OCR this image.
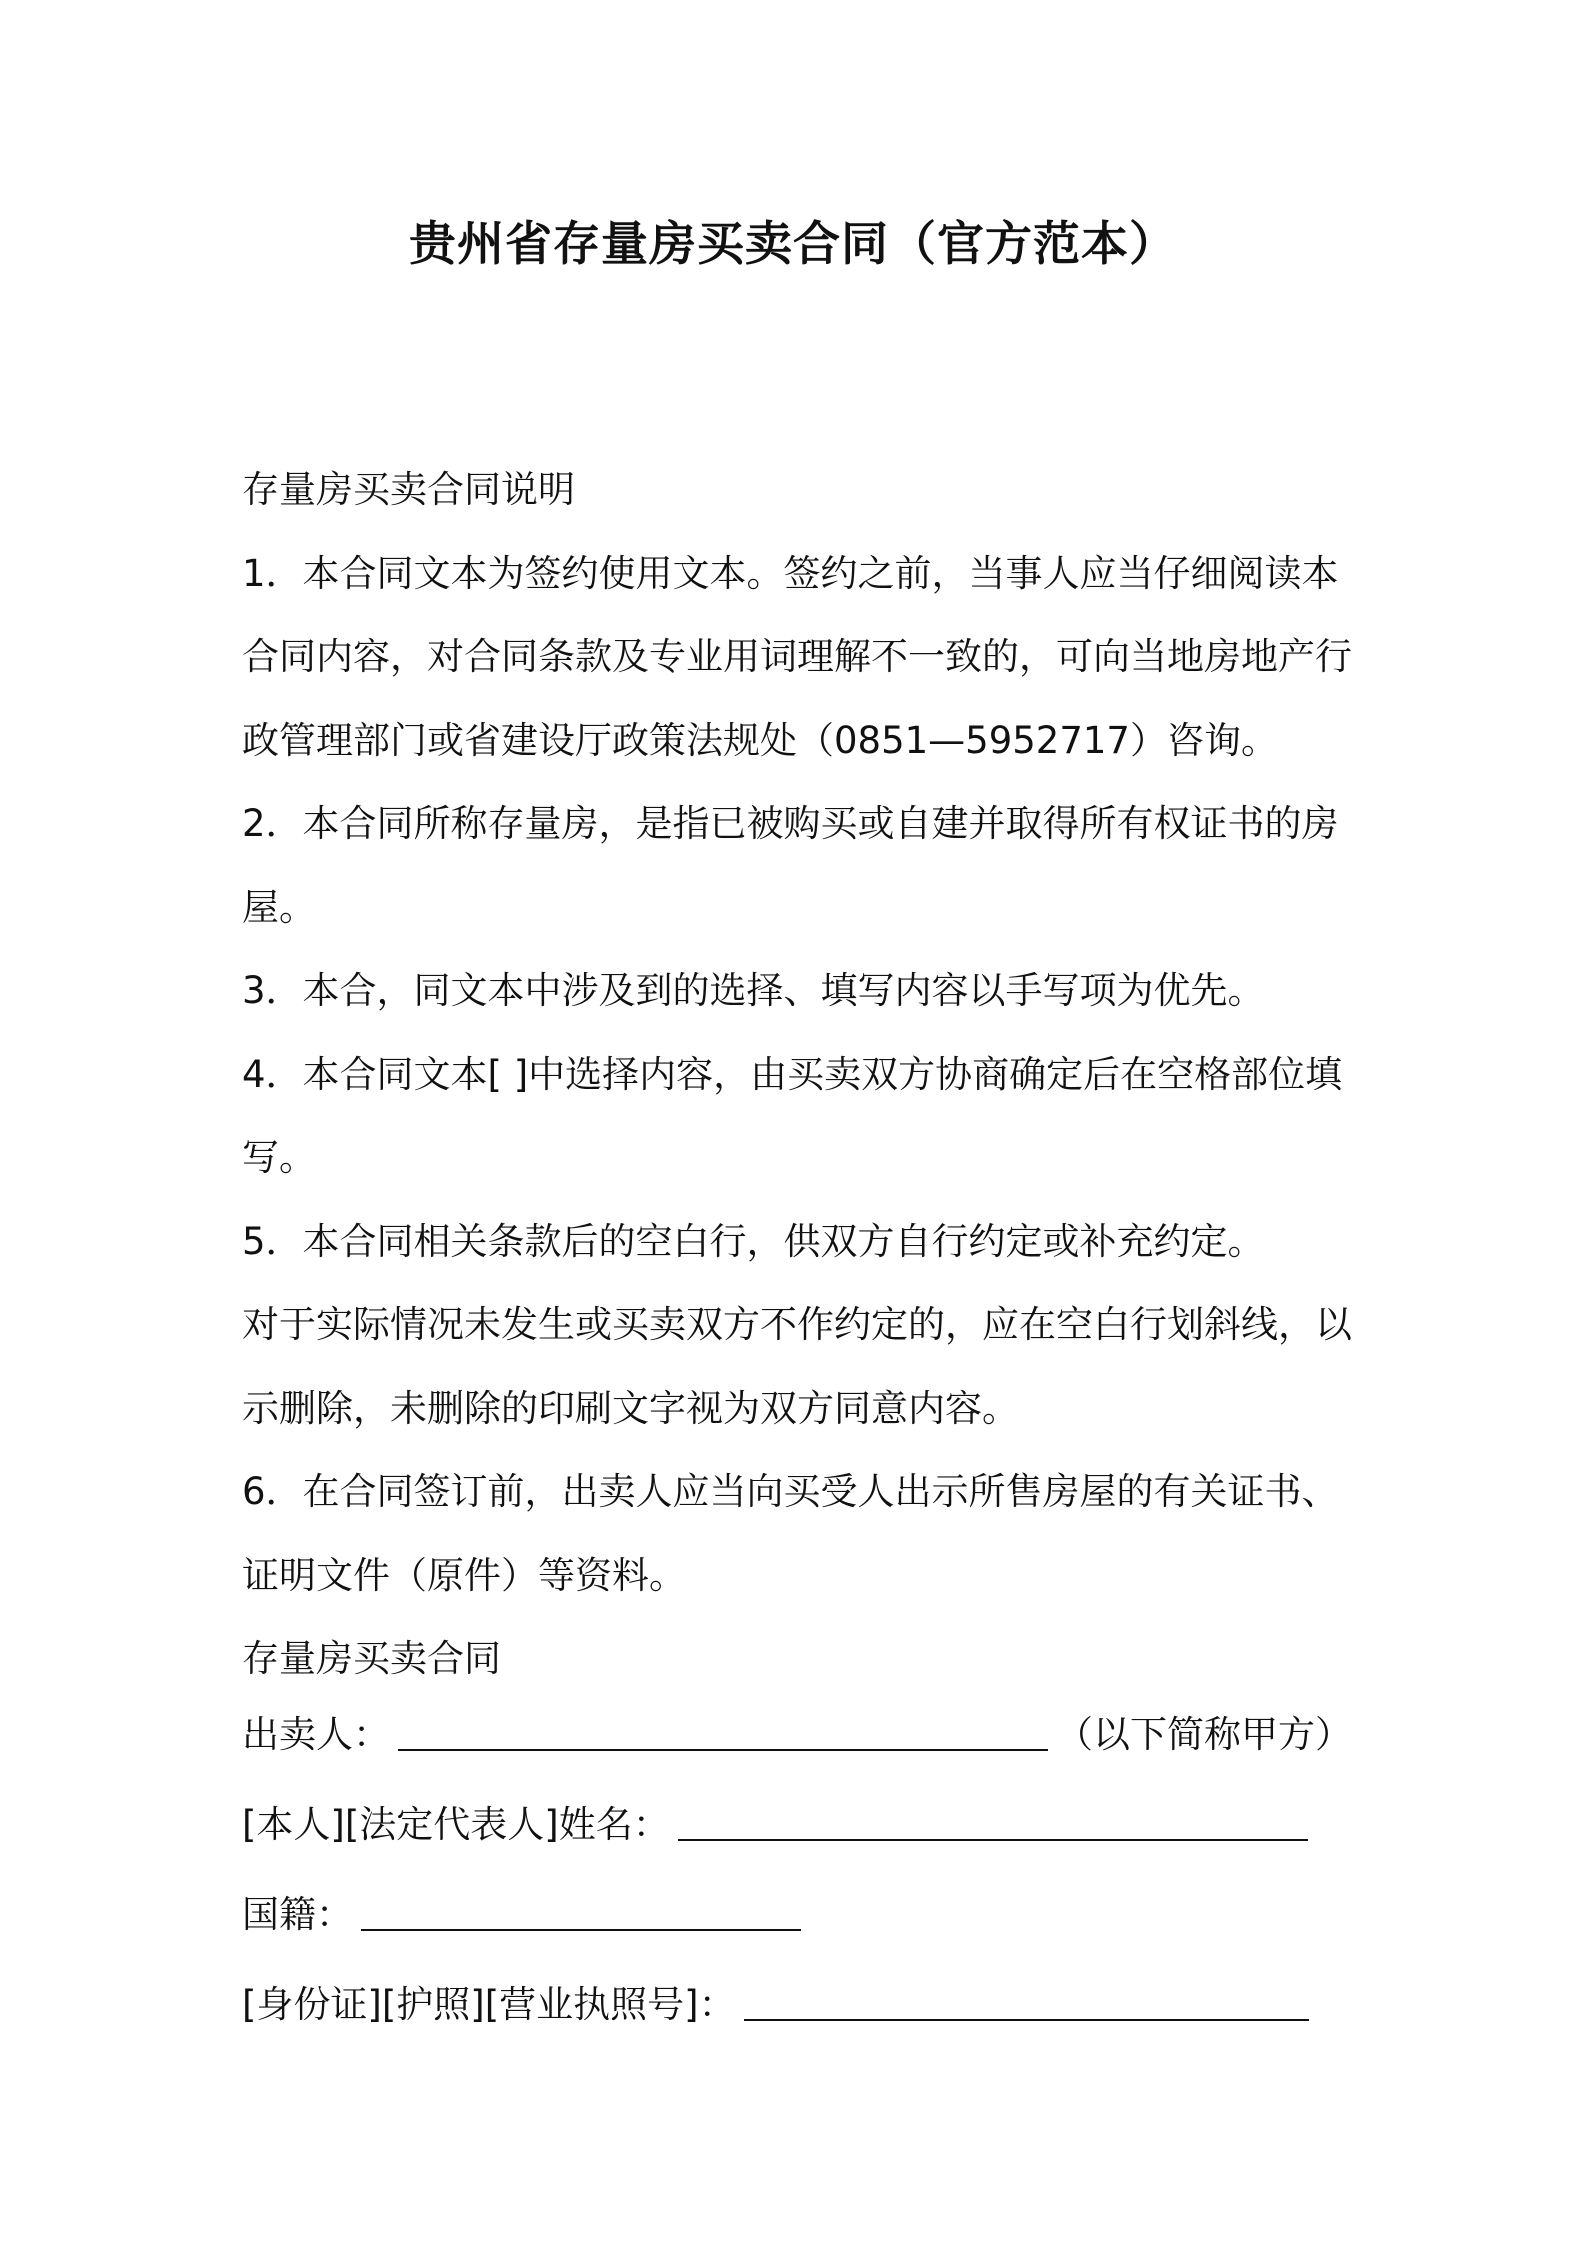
贵州省存量房买卖合同（官方范本）
存量房买卖合同说明
1．本合同文本为签约使用文本。签约之前，当事人应当仔细阅读本
合同内容，对合同条款及专业用词理解不一致的，可向当地房地产行
政管理部门或省建设厅政策法规处（0851—5952717）咨询。
2．本合同所称存量房，是指已被购买或自建并取得所有权证书的房
屋。
3．本合，同文本中涉及到的选择、填写内容以手写项为优先。
4．本合同文本[ ]中选择内容，由买卖双方协商确定后在空格部位填
写。
5．本合同相关条款后的空白行，供双方自行约定或补充约定。
对于实际情况未发生或买卖双方不作约定的，应在空白行划斜线，以
示删除，未删除的印刷文字视为双方同意内容。
6．在合同签订前，出卖人应当向买受人出示所售房屋的有关证书、
证明文件（原件）等资料。
存量房买卖合同
出卖人：	（以下简称甲方）
[本人][法定代表人]姓名：
国籍：
[身份证][护照][营业执照号]：
